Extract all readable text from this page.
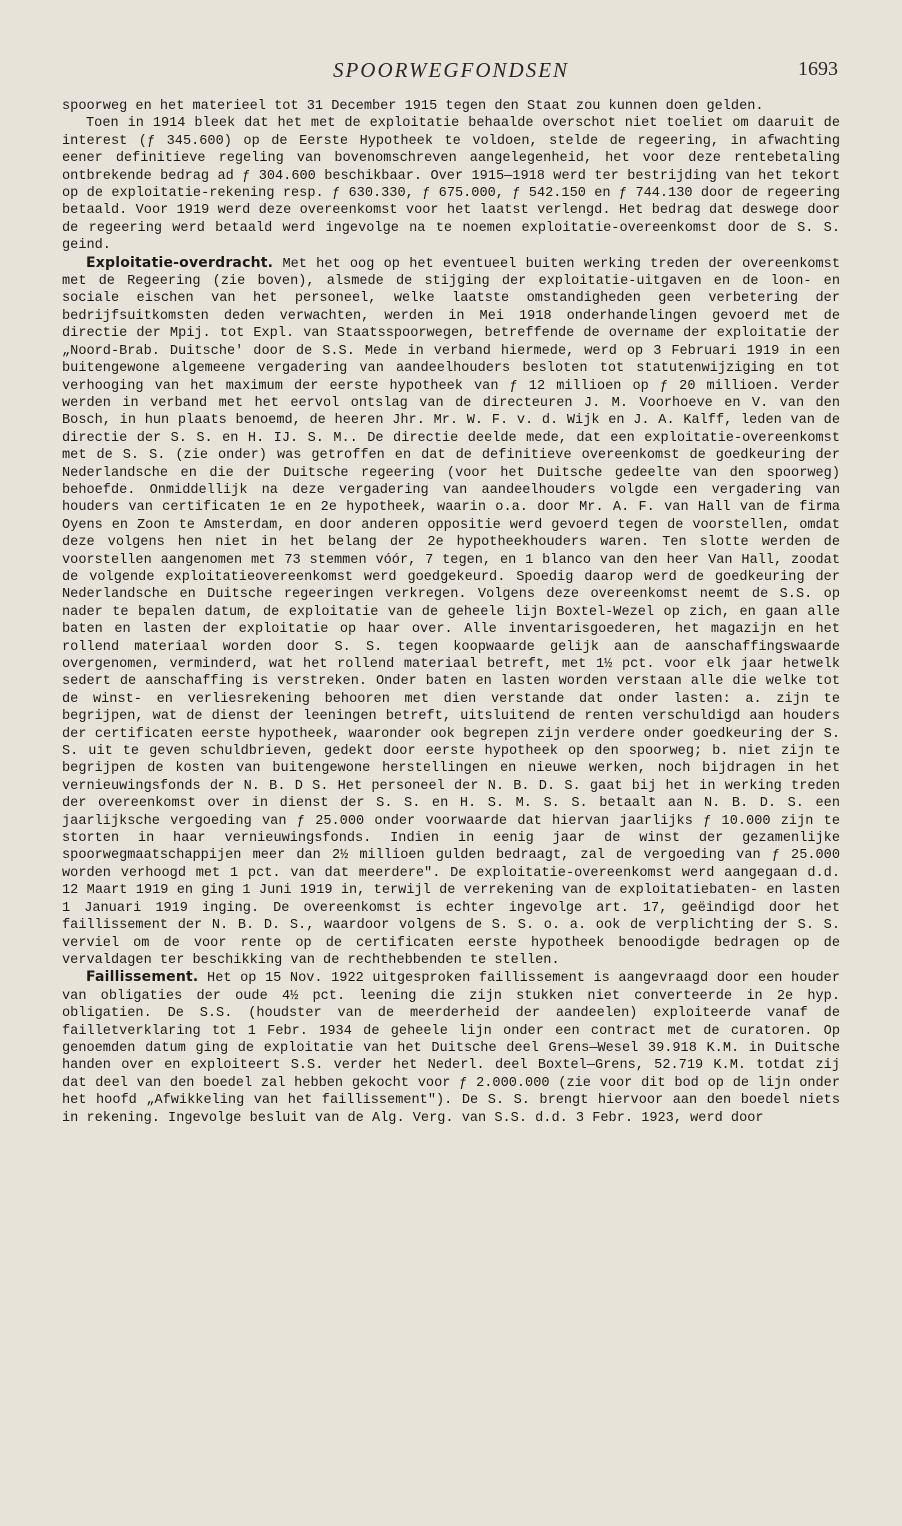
SPOORWEGFONDSEN	1693

spoorweg en het materieel tot 31 December 1915 tegen den Staat zou kunnen doen gelden.

Toen in 1914 bleek dat het met de exploitatie behaalde overschot niet toeliet om daaruit de interest (ƒ 345.600) op de Eerste Hypotheek te voldoen, stelde de regeering, in afwachting eener definitieve regeling van bovenomschreven aangelegenheid, het voor deze rentebetaling ontbrekende bedrag ad ƒ 304.600 beschikbaar. Over 1915—1918 werd ter bestrijding van het tekort op de exploitatie-rekening resp. ƒ 630.330, ƒ 675.000, ƒ 542.150 en ƒ 744.130 door de regeering betaald. Voor 1919 werd deze overeenkomst voor het laatst verlengd. Het bedrag dat deswege door de regeering werd betaald werd ingevolge na te noemen exploitatie-overeenkomst door de S. S. geind.

Exploitatie-overdracht. Met het oog op het eventueel buiten werking treden der overeenkomst met de Regeering (zie boven), alsmede de stijging der exploitatie-uitgaven en de loon- en sociale eischen van het personeel, welke laatste omstandigheden geen verbetering der bedrijfsuitkomsten deden verwachten, werden in Mei 1918 onderhandelingen gevoerd met de directie der Mpij. tot Expl. van Staatsspoorwegen, betreffende de overname der exploitatie der „Noord-Brab. Duitsche' door de S.S. Mede in verband hiermede, werd op 3 Februari 1919 in een buitengewone algemeene vergadering van aandeelhouders besloten tot statutenwijziging en tot verhooging van het maximum der eerste hypotheek van ƒ 12 millioen op ƒ 20 millioen. Verder werden in verband met het eervol ontslag van de directeuren J. M. Voorhoeve en V. van den Bosch, in hun plaats benoemd, de heeren Jhr. Mr. W. F. v. d. Wijk en J. A. Kalff, leden van de directie der S. S. en H. IJ. S. M.. De directie deelde mede, dat een exploitatie-overeenkomst met de S. S. (zie onder) was getroffen en dat de definitieve overeenkomst de goedkeuring der Nederlandsche en die der Duitsche regeering (voor het Duitsche gedeelte van den spoorweg) behoefde. Onmiddellijk na deze vergadering van aandeelhouders volgde een vergadering van houders van certificaten 1e en 2e hypotheek, waarin o.a. door Mr. A. F. van Hall van de firma Oyens en Zoon te Amsterdam, en door anderen oppositie werd gevoerd tegen de voorstellen, omdat deze volgens hen niet in het belang der 2e hypotheekhouders waren. Ten slotte werden de voorstellen aangenomen met 73 stemmen vóór, 7 tegen, en 1 blanco van den heer Van Hall, zoodat de volgende exploitatieovereenkomst werd goedgekeurd. Spoedig daarop werd de goedkeuring der Nederlandsche en Duitsche regeeringen verkregen. Volgens deze overeenkomst neemt de S.S. op nader te bepalen datum, de exploitatie van de geheele lijn Boxtel-Wezel op zich, en gaan alle baten en lasten der exploitatie op haar over. Alle inventarisgoederen, het magazijn en het rollend materiaal worden door S. S. tegen koopwaarde gelijk aan de aanschaffingswaarde overgenomen, verminderd, wat het rollend materiaal betreft, met 1½ pct. voor elk jaar hetwelk sedert de aanschaffing is verstreken. Onder baten en lasten worden verstaan alle die welke tot de winst- en verliesrekening behooren met dien verstande dat onder lasten: a. zijn te begrijpen, wat de dienst der leeningen betreft, uitsluitend de renten verschuldigd aan houders der certificaten eerste hypotheek, waaronder ook begrepen zijn verdere onder goedkeuring der S. S. uit te geven schuldbrieven, gedekt door eerste hypotheek op den spoorweg; b. niet zijn te begrijpen de kosten van buitengewone herstellingen en nieuwe werken, noch bijdragen in het vernieuwingsfonds der N. B. D S. Het personeel der N. B. D. S. gaat bij het in werking treden der overeenkomst over in dienst der S. S. en H. S. M. S. S. betaalt aan N. B. D. S. een jaarlijksche vergoeding van ƒ 25.000 onder voorwaarde dat hiervan jaarlijks ƒ 10.000 zijn te storten in haar vernieuwingsfonds. Indien in eenig jaar de winst der gezamenlijke spoorwegmaatschappijen meer dan 2½ millioen gulden bedraagt, zal de vergoeding van ƒ 25.000 worden verhoogd met 1 pct. van dat meerdere". De exploitatie-overeenkomst werd aangegaan d.d. 12 Maart 1919 en ging 1 Juni 1919 in, terwijl de verrekening van de exploitatiebaten- en lasten 1 Januari 1919 inging. De overeenkomst is echter ingevolge art. 17, geëindigd door het faillissement der N. B. D. S., waardoor volgens de S. S. o. a. ook de verplichting der S. S. verviel om de voor rente op de certificaten eerste hypotheek benoodigde bedragen op de vervaldagen ter beschikking van de rechthebbenden te stellen.

Faillissement. Het op 15 Nov. 1922 uitgesproken faillissement is aangevraagd door een houder van obligaties der oude 4½ pct. leening die zijn stukken niet converteerde in 2e hyp. obligatien. De S.S. (houdster van de meerderheid der aandeelen) exploiteerde vanaf de failletverklaring tot 1 Febr. 1934 de geheele lijn onder een contract met de curatoren. Op genoemden datum ging de exploitatie van het Duitsche deel Grens—Wesel 39.918 K.M. in Duitsche handen over en exploiteert S.S. verder het Nederl. deel Boxtel—Grens, 52.719 K.M. totdat zij dat deel van den boedel zal hebben gekocht voor ƒ 2.000.000 (zie voor dit bod op de lijn onder het hoofd „Afwikkeling van het faillissement"). De S. S. brengt hiervoor aan den boedel niets in rekening. Ingevolge besluit van de Alg. Verg. van S.S. d.d. 3 Febr. 1923, werd door
